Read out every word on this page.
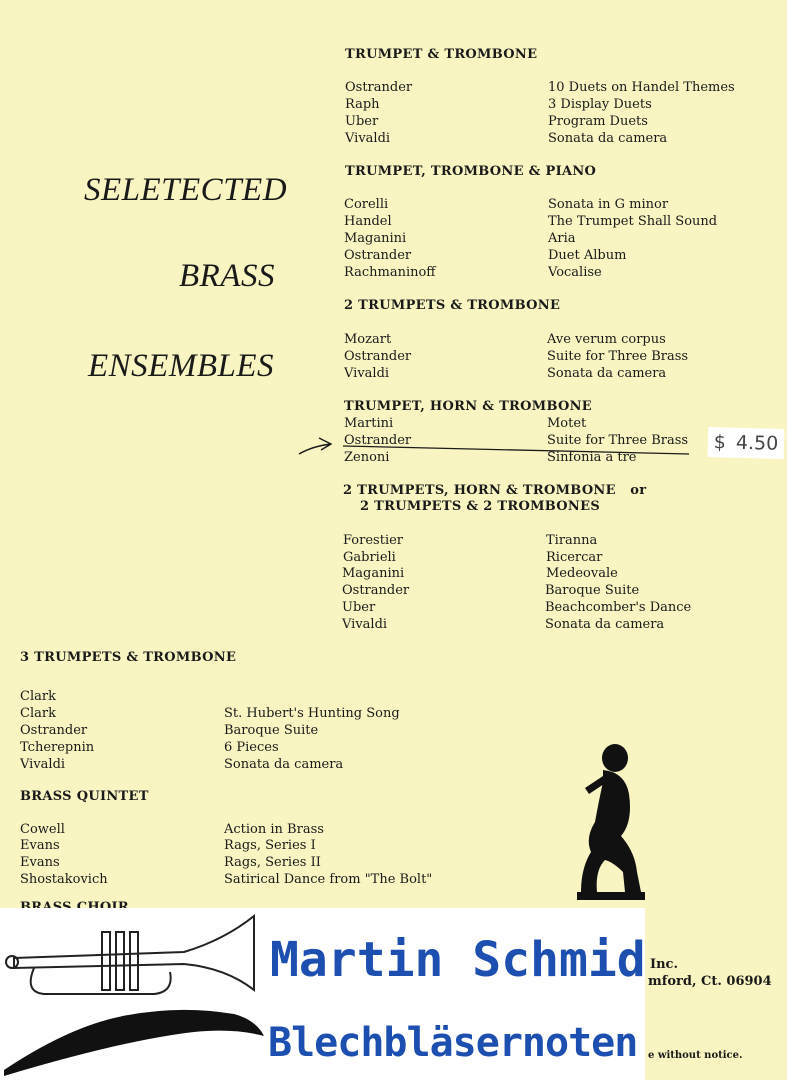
SELETECTED
BRASS
ENSEMBLES
TRUMPET & TROMBONE
Ostrander	10 Duets on Handel Themes
Raph	3 Display Duets
Uber	Program Duets
Vivaldi	Sonata da camera
TRUMPET, TROMBONE & PIANO
Corelli	Sonata in G minor
Handel	The Trumpet Shall Sound
Maganini	Aria
Ostrander	Duet Album
Rachmaninoff	Vocalise
2 TRUMPETS & TROMBONE
Mozart	Ave verum corpus
Ostrander	Suite for Three Brass
Vivaldi	Sonata da camera
TRUMPET, HORN & TROMBONE
Martini	Motet
Ostrander	Suite for Three Brass
Zenoni	Sinfonia a tre
$ 4.50
2 TRUMPETS, HORN & TROMBONE   or
2 TRUMPETS & 2 TROMBONES
Forestier	Tiranna
Gabrieli	Ricercar
Maganini	Medeovale
Ostrander	Baroque Suite
Uber	Beachcomber's Dance
Vivaldi	Sonata da camera
3 TRUMPETS & TROMBONE
Clark
Clark	St. Hubert's Hunting Song
Ostrander	Baroque Suite
Tcherepnin	6 Pieces
Vivaldi	Sonata da camera
BRASS QUINTET
Cowell	Action in Brass
Evans	Rags, Series I
Evans	Rags, Series II
Shostakovich	Satirical Dance from "The Bolt"
Inc.
mford, Ct. 06904
e without notice.
Martin Schmid
Blechbläsernoten
